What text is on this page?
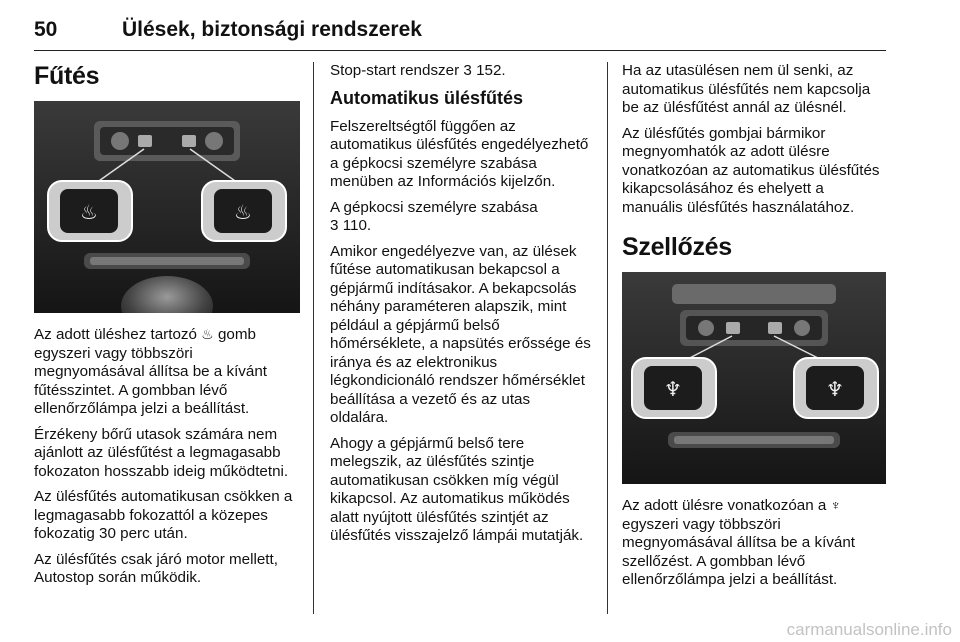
50	Ülések, biztonsági rendszerek
Fűtés
♨	♨

Az adott üléshez tartozó ♨ gomb egyszeri vagy többszöri megnyomásával állítsa be a kívánt fűtésszintet. A gombban lévő ellenőrzőlámpa jelzi a beállítást.

Érzékeny bőrű utasok számára nem ajánlott az ülésfűtést a legmagasabb fokozaton hosszabb ideig működtetni.

Az ülésfűtés automatikusan csökken a legmagasabb fokozattól a közepes fokozatig 30 perc után.

Az ülésfűtés csak járó motor mellett, Autostop során működik.

Stop-start rendszer 3 152.

Automatikus ülésfűtés

Felszereltségtől függően az automatikus ülésfűtés engedélyezhető a gépkocsi személyre szabása menüben az Információs kijelzőn.

A gépkocsi személyre szabása
3 110.

Amikor engedélyezve van, az ülések fűtése automatikusan bekapcsol a gépjármű indításakor. A bekapcsolás néhány paraméteren alapszik, mint például a gépjármű belső hőmérséklete, a napsütés erőssége és iránya és az elektronikus légkondicionáló rendszer hőmérséklet beállítása a vezető és az utas oldalára.

Ahogy a gépjármű belső tere melegszik, az ülésfűtés szintje automatikusan csökken míg végül kikapcsol. Az automatikus működés alatt nyújtott ülésfűtés szintjét az ülésfűtés visszajelző lámpái mutatják.

Ha az utasülésen nem ül senki, az automatikus ülésfűtés nem kapcsolja be az ülésfűtést annál az ülésnél.

Az ülésfűtés gombjai bármikor megnyomhatók az adott ülésre vonatkozóan az automatikus ülésfűtés kikapcsolásához és ehelyett a manuális ülésfűtés használatához.

Szellőzés
♆	♆

Az adott ülésre vonatkozóan a ♆ egyszeri vagy többszöri megnyomásával állítsa be a kívánt szellőzést. A gombban lévő ellenőrzőlámpa jelzi a beállítást.

carmanualsonline.info
